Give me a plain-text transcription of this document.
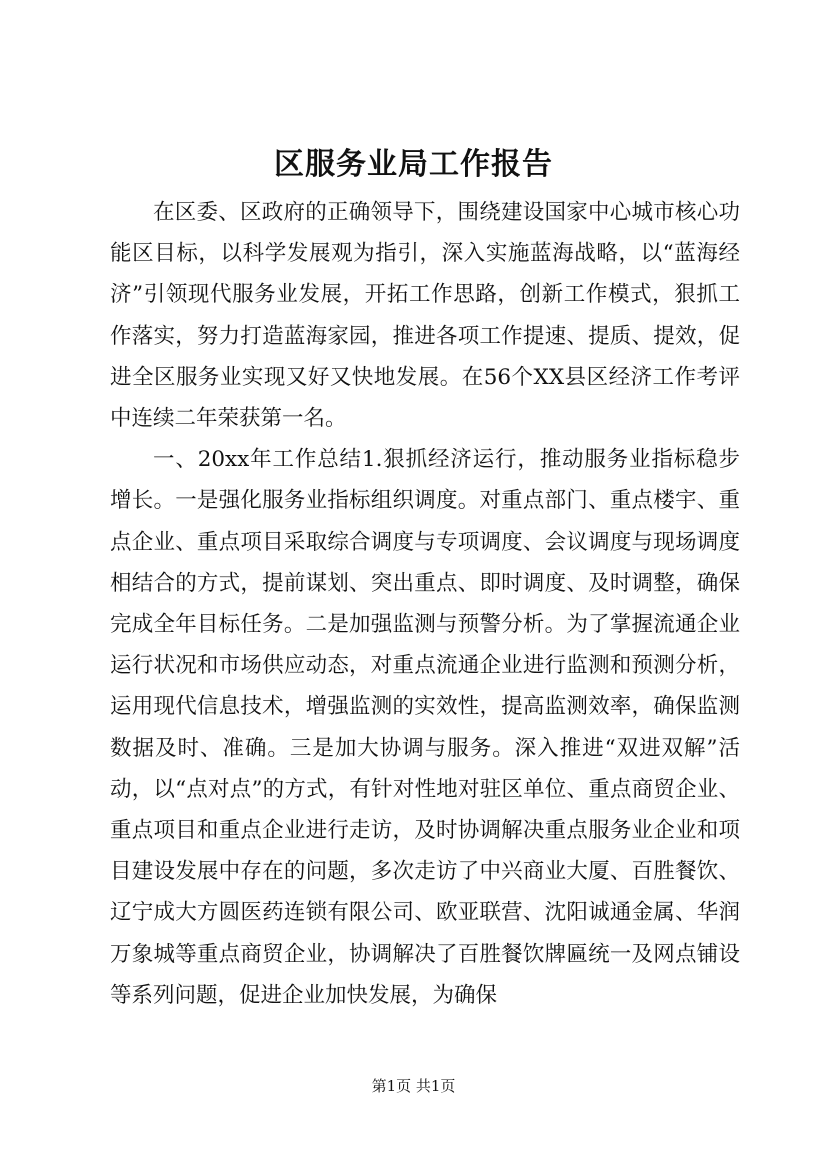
区服务业局工作报告

在区委、区政府的正确领导下，围绕建设国家中心城市核心功能区目标，以科学发展观为指引，深入实施蓝海战略，以“蓝海经济”引领现代服务业发展，开拓工作思路，创新工作模式，狠抓工作落实，努力打造蓝海家园，推进各项工作提速、提质、提效，促进全区服务业实现又好又快地发展。在56个XX县区经济工作考评中连续二年荣获第一名。

一、20xx年工作总结1.狠抓经济运行，推动服务业指标稳步增长。一是强化服务业指标组织调度。对重点部门、重点楼宇、重点企业、重点项目采取综合调度与专项调度、会议调度与现场调度相结合的方式，提前谋划、突出重点、即时调度、及时调整，确保完成全年目标任务。二是加强监测与预警分析。为了掌握流通企业运行状况和市场供应动态，对重点流通企业进行监测和预测分析，运用现代信息技术，增强监测的实效性，提高监测效率，确保监测数据及时、准确。三是加大协调与服务。深入推进“双进双解”活动，以“点对点”的方式，有针对性地对驻区单位、重点商贸企业、重点项目和重点企业进行走访，及时协调解决重点服务业企业和项目建设发展中存在的问题，多次走访了中兴商业大厦、百胜餐饮、辽宁成大方圆医药连锁有限公司、欧亚联营、沈阳诚通金属、华润万象城等重点商贸企业，协调解决了百胜餐饮牌匾统一及网点铺设等系列问题，促进企业加快发展，为确保

第1页 共1页
